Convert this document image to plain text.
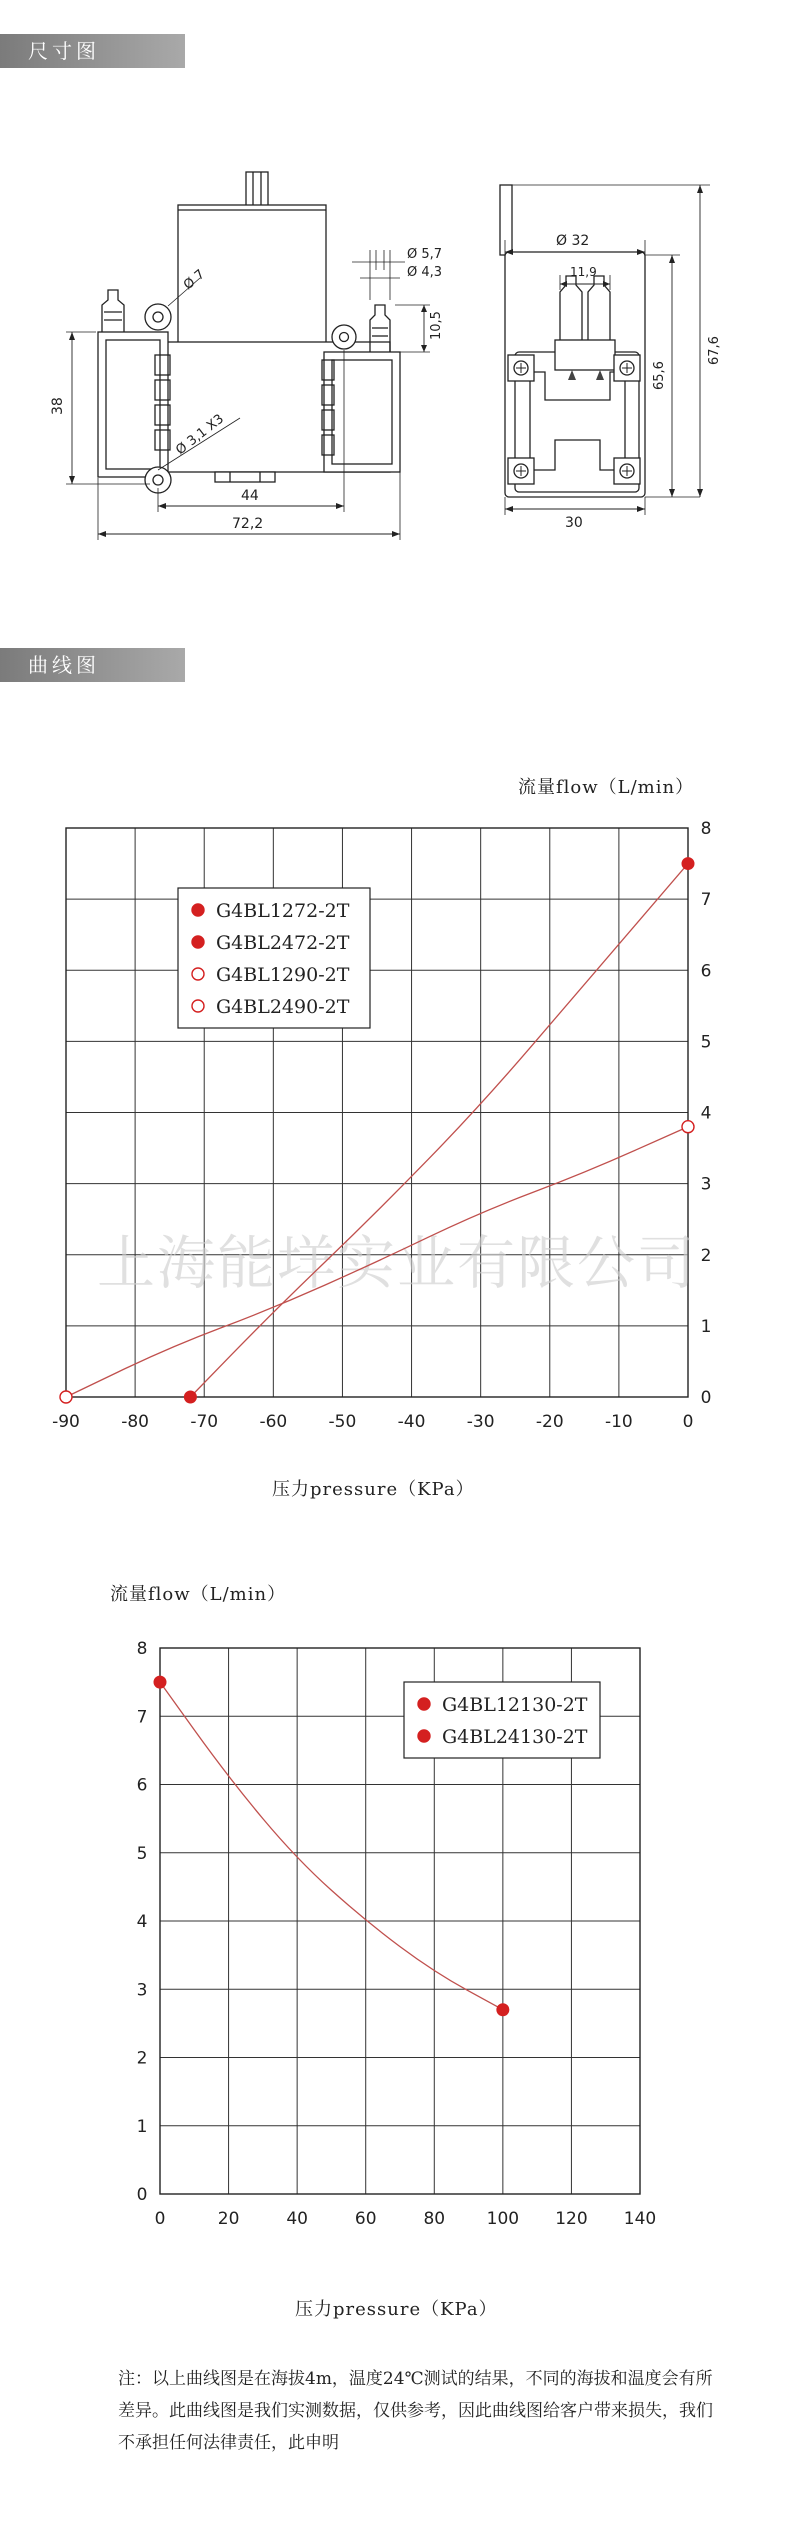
尺寸图
Ø 7
Ø 3,1 X3
38
44
72,2
Ø 5,7
Ø 4,3
10,5
Ø 32
11,9
65,6
67,6
30
曲线图
流量flow（L/min）
-90 -80 -70 -60 -50 -40 -30 -20 -10	0
0
1
2
3
4
5
6
7
8
上海能垟实业有限公司
G4BL1272-2T
G4BL2472-2T
G4BL1290-2T
G4BL2490-2T
压力pressure（KPa）
流量flow（L/min）
0	20	40	60	80 100 120 140
0
1
2
3
4
5
6
7
8
G4BL12130-2T
G4BL24130-2T
压力pressure（KPa）
注：以上曲线图是在海拔4m，温度24℃测试的结果，不同的海拔和温度会有所差异。此曲线图是我们实测数据，仅供参考，因此曲线图给客户带来损失，我们不承担任何法律责任，此申明
